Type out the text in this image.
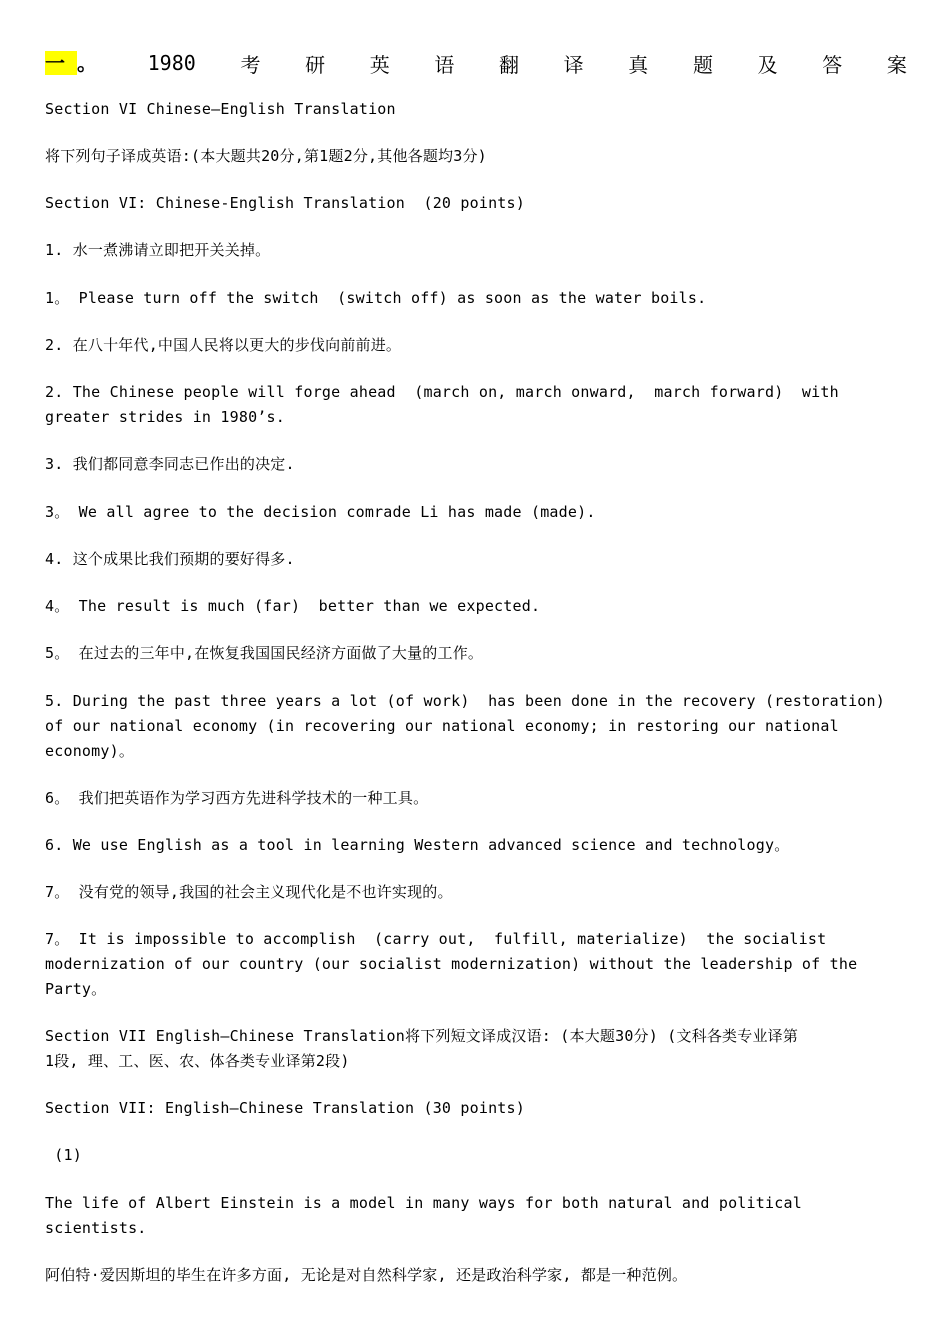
一 。	1980 考 研 英 语 翻 译 真 题 及 答 案
Section VI Chinese—English Translation
将下列句子译成英语:(本大题共20分,第1题2分,其他各题均3分)
Section VI: Chinese-English Translation  (20 points)
1. 水一煮沸请立即把开关关掉。
1。 Please turn off the switch  (switch off) as soon as the water boils.
2. 在八十年代,中国人民将以更大的步伐向前前进。
2. The Chinese people will forge ahead  (march on, march onward,  march forward)  with
greater strides in 1980’s.
3. 我们都同意李同志已作出的决定.
3。 We all agree to the decision comrade Li has made (made).
4. 这个成果比我们预期的要好得多.
4。 The result is much (far)  better than we expected.
5。 在过去的三年中,在恢复我国国民经济方面做了大量的工作。
5. During the past three years a lot (of work)  has been done in the recovery (restoration)
of our national economy (in recovering our national economy; in restoring our national
economy)。
6。 我们把英语作为学习西方先进科学技术的一种工具。
6. We use English as a tool in learning Western advanced science and technology。
7。 没有党的领导,我国的社会主义现代化是不也许实现的。
7。 It is impossible to accomplish  (carry out,  fulfill, materialize)  the socialist
modernization of our country (our socialist modernization) without the leadership of the
Party。
Section VII English—Chinese Translation将下列短文译成汉语: (本大题30分) (文科各类专业译第
1段, 理、工、医、农、体各类专业译第2段)
Section VII: English—Chinese Translation (30 points)
(1)
The life of Albert Einstein is a model in many ways for both natural and political
scientists.
阿伯特·爱因斯坦的毕生在许多方面, 无论是对自然科学家, 还是政治科学家, 都是一种范例。
